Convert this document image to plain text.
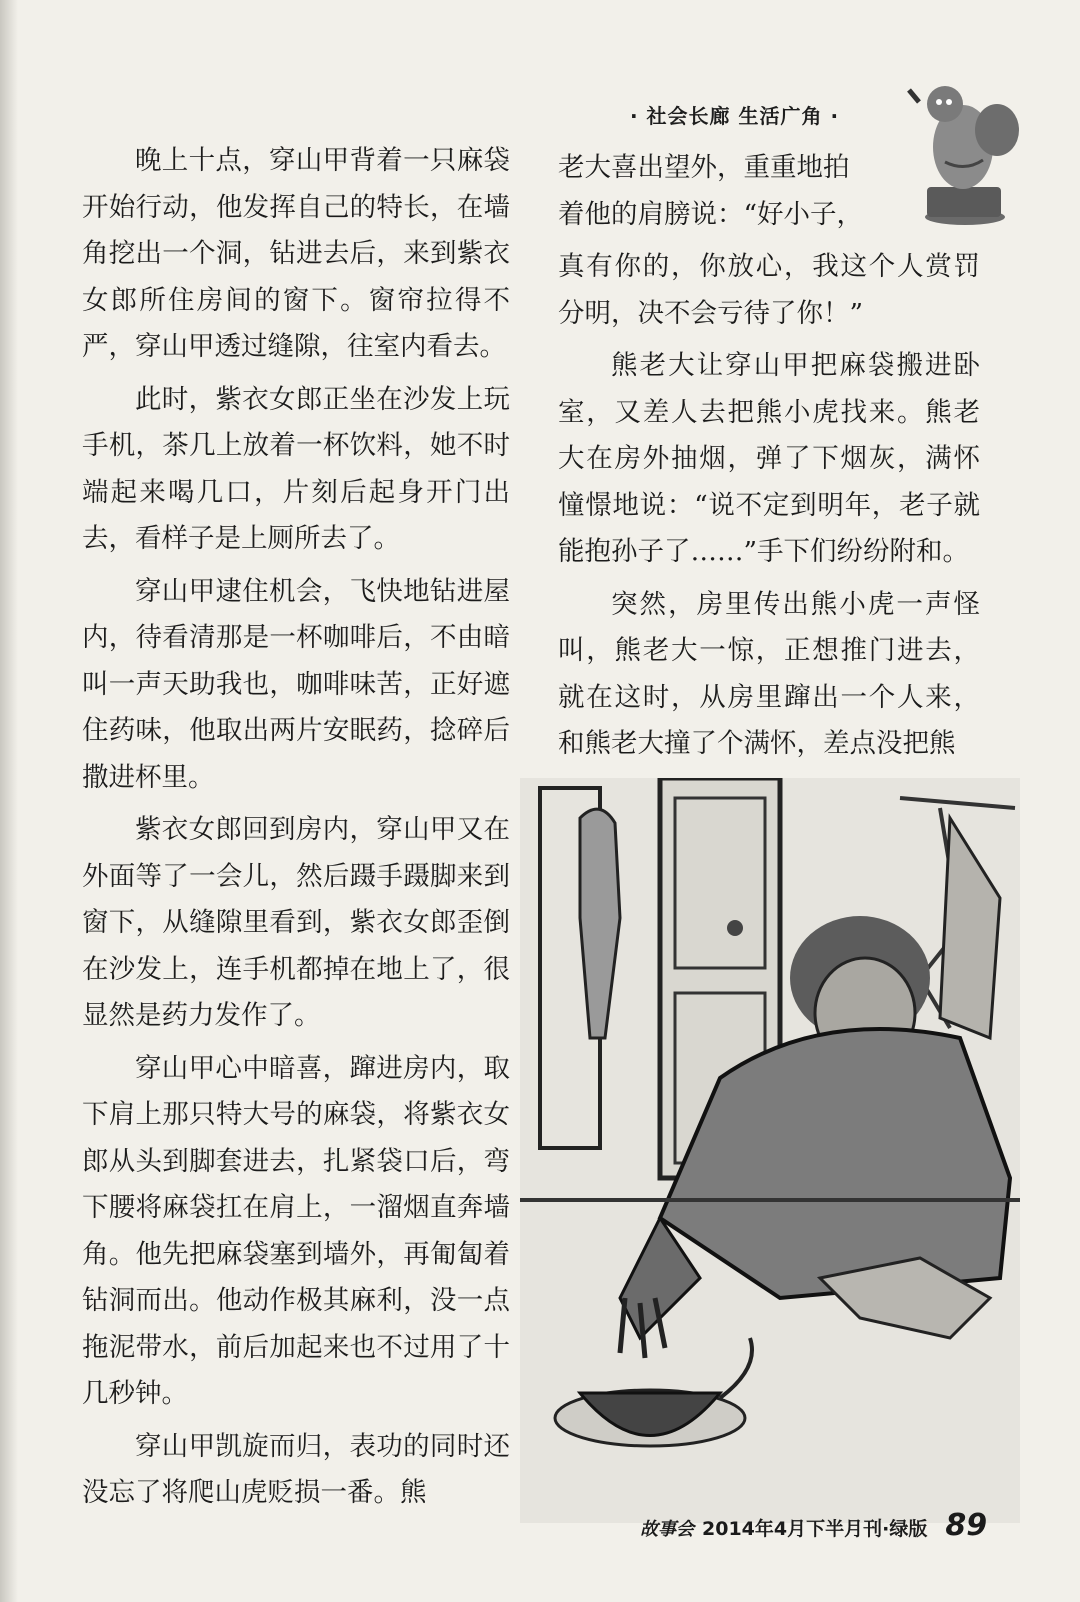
· 社会长廊 生活广角 ·

晚上十点，穿山甲背着一只麻袋开始行动，他发挥自己的特长，在墙角挖出一个洞，钻进去后，来到紫衣女郎所住房间的窗下。窗帘拉得不严，穿山甲透过缝隙，往室内看去。

此时，紫衣女郎正坐在沙发上玩手机，茶几上放着一杯饮料，她不时端起来喝几口，片刻后起身开门出去，看样子是上厕所去了。

穿山甲逮住机会，飞快地钻进屋内，待看清那是一杯咖啡后，不由暗叫一声天助我也，咖啡味苦，正好遮住药味，他取出两片安眠药，捻碎后撒进杯里。

紫衣女郎回到房内，穿山甲又在外面等了一会儿，然后蹑手蹑脚来到窗下，从缝隙里看到，紫衣女郎歪倒在沙发上，连手机都掉在地上了，很显然是药力发作了。

穿山甲心中暗喜，蹿进房内，取下肩上那只特大号的麻袋，将紫衣女郎从头到脚套进去，扎紧袋口后，弯下腰将麻袋扛在肩上，一溜烟直奔墙角。他先把麻袋塞到墙外，再匍匐着钻洞而出。他动作极其麻利，没一点拖泥带水，前后加起来也不过用了十几秒钟。

穿山甲凯旋而归，表功的同时还没忘了将爬山虎贬损一番。熊

老大喜出望外，重重地拍
着他的肩膀说：“好小子，

真有你的，你放心，我这个人赏罚分明，决不会亏待了你！”

熊老大让穿山甲把麻袋搬进卧室，又差人去把熊小虎找来。熊老大在房外抽烟，弹了下烟灰，满怀憧憬地说：“说不定到明年，老子就能抱孙子了……”手下们纷纷附和。

突然，房里传出熊小虎一声怪叫，熊老大一惊，正想推门进去，就在这时，从房里蹿出一个人来，和熊老大撞了个满怀，差点没把熊

故事会 2014年4月下半月刊·绿版 89
